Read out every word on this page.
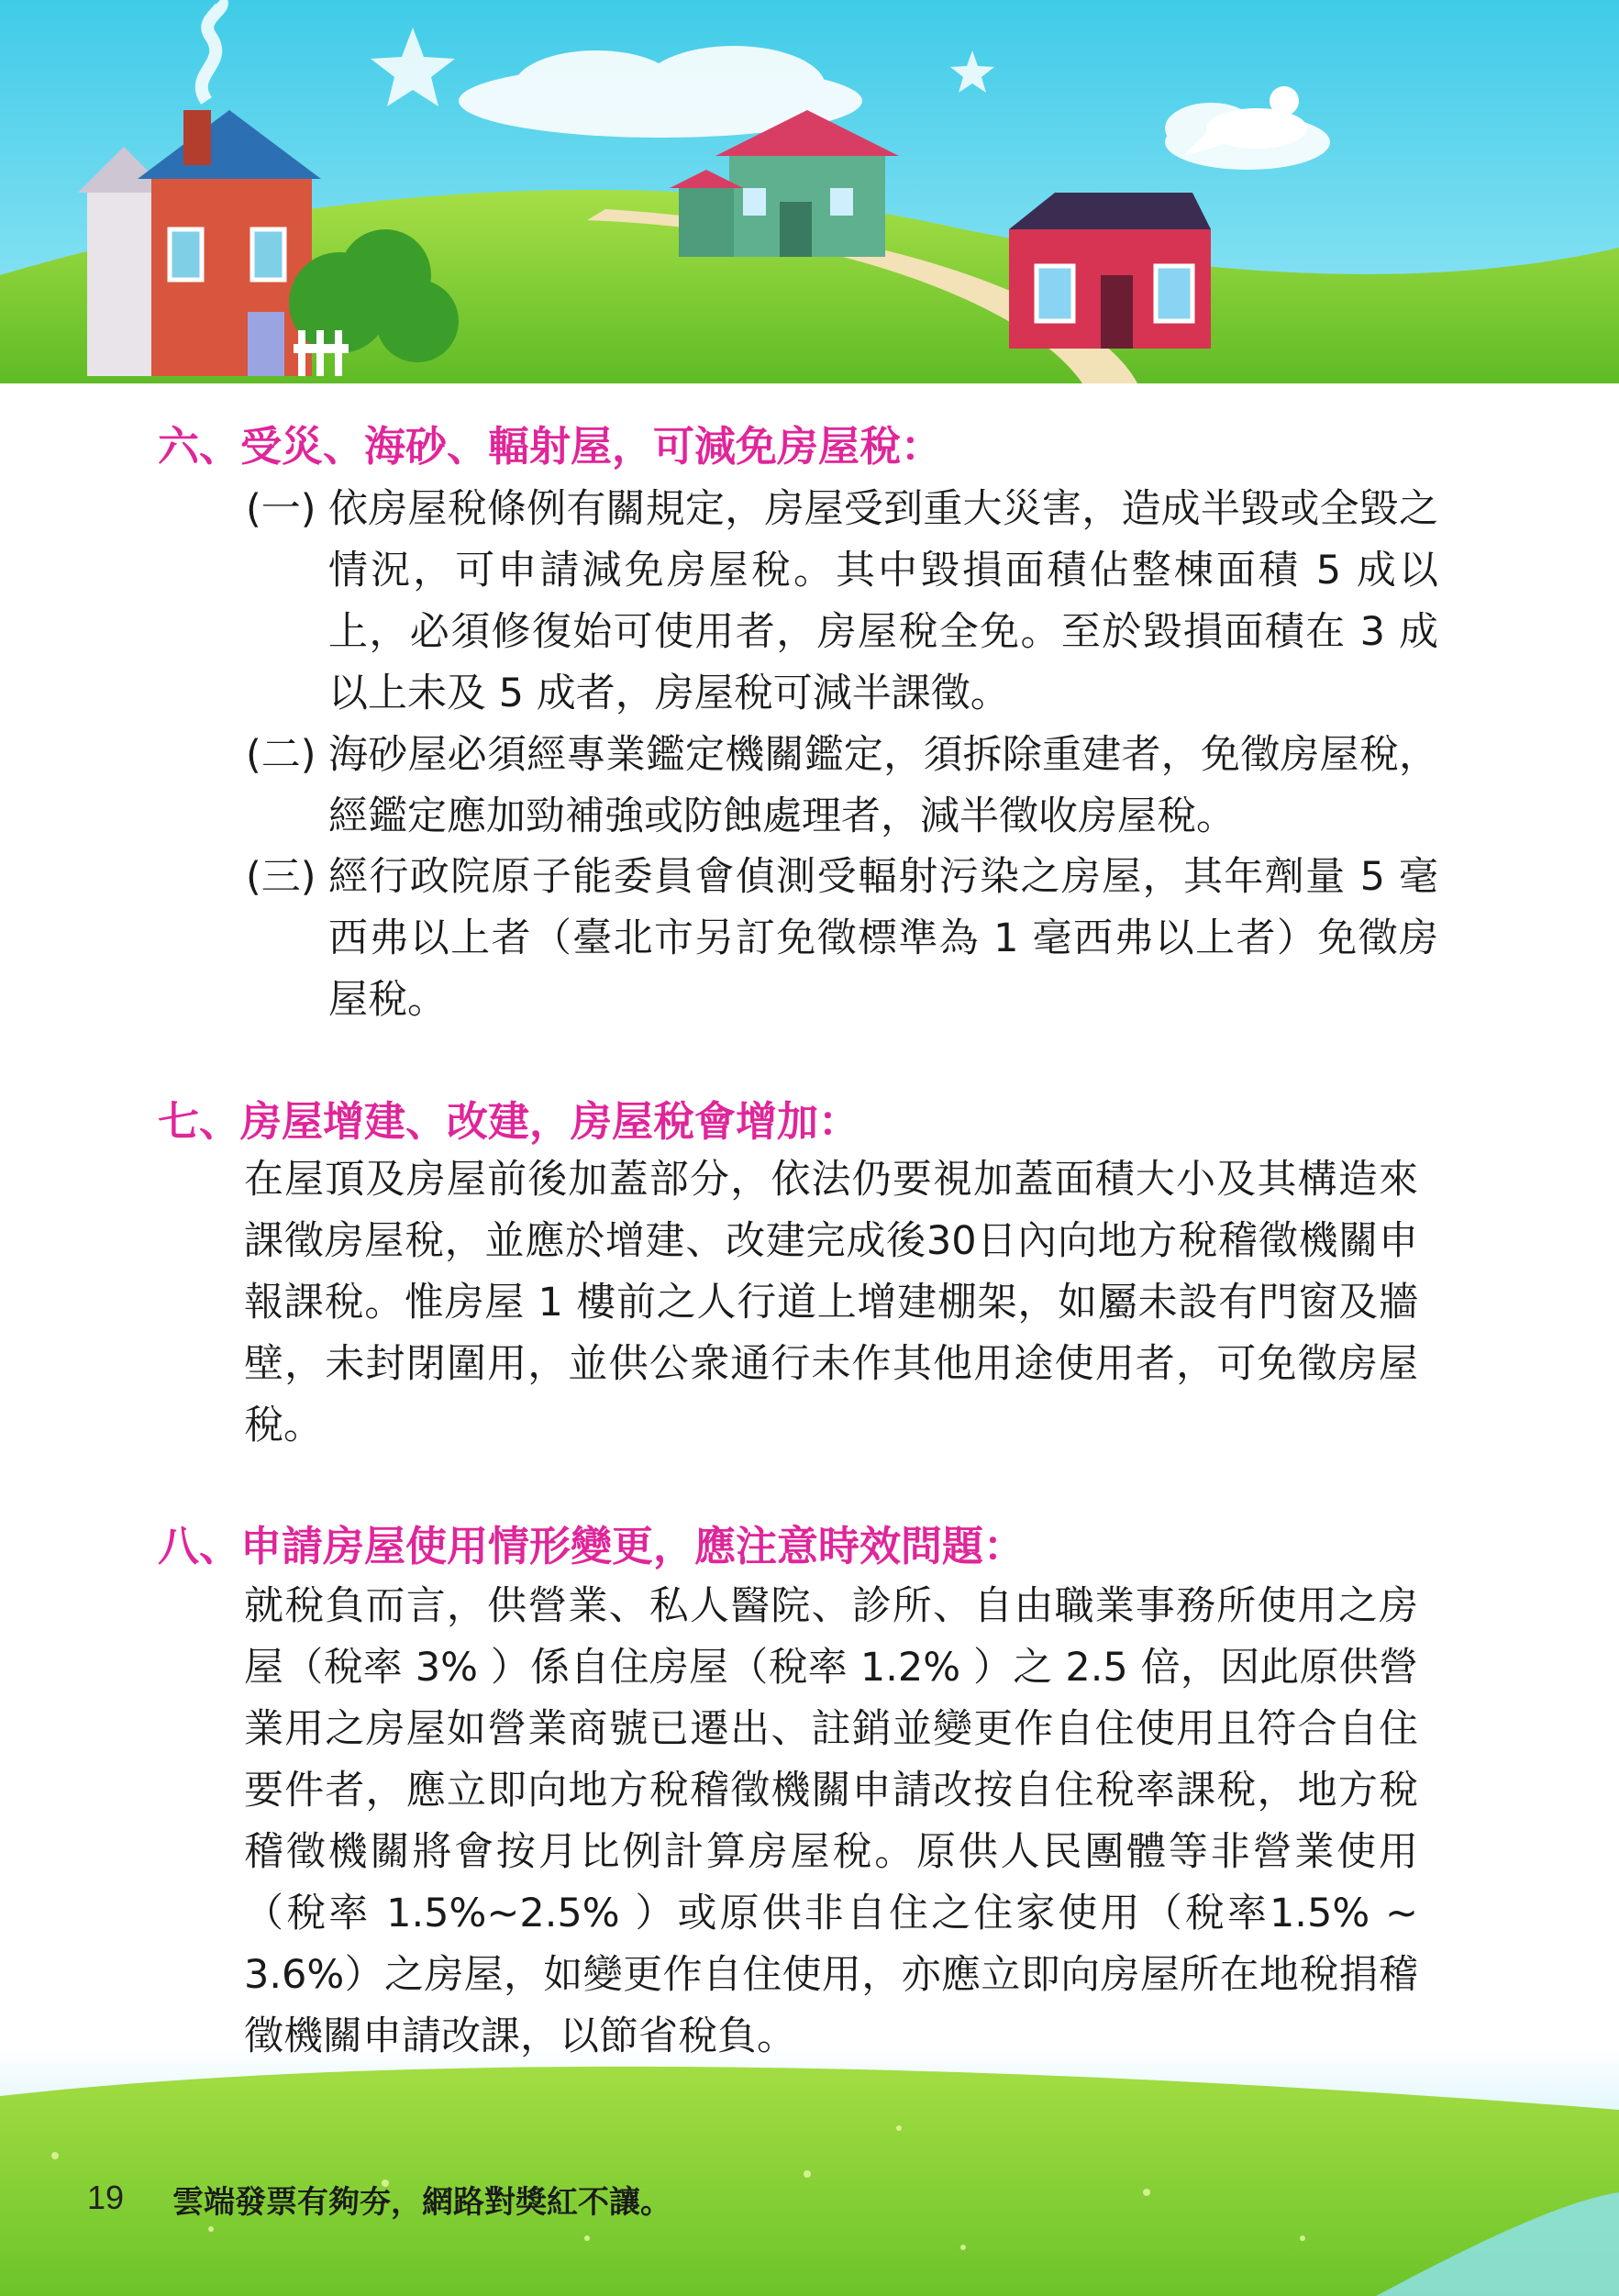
六、受災、海砂、輻射屋，可減免房屋稅：
(一) 依房屋稅條例有關規定，房屋受到重大災害，造成半毀或全毀之情況，可申請減免房屋稅。其中毀損面積佔整棟面積 5 成以上，必須修復始可使用者，房屋稅全免。至於毀損面積在 3 成以上未及 5 成者，房屋稅可減半課徵。

(二) 海砂屋必須經專業鑑定機關鑑定，須拆除重建者，免徵房屋稅，經鑑定應加勁補強或防蝕處理者，減半徵收房屋稅。

(三) 經行政院原子能委員會偵測受輻射污染之房屋，其年劑量 5 毫西弗以上者（臺北市另訂免徵標準為 1 毫西弗以上者）免徵房屋稅。

七、房屋增建、改建，房屋稅會增加：

在屋頂及房屋前後加蓋部分，依法仍要視加蓋面積大小及其構造來課徵房屋稅，並應於增建、改建完成後30日內向地方稅稽徵機關申報課稅。惟房屋 1 樓前之人行道上增建棚架，如屬未設有門窗及牆壁，未封閉圍用，並供公衆通行未作其他用途使用者，可免徵房屋稅。

八、申請房屋使用情形變更，應注意時效問題：

就稅負而言，供營業、私人醫院、診所、自由職業事務所使用之房屋（稅率 3% ）係自住房屋（稅率 1.2% ）之 2.5 倍，因此原供營業用之房屋如營業商號已遷出、註銷並變更作自住使用且符合自住要件者，應立即向地方稅稽徵機關申請改按自住稅率課稅，地方稅稽徵機關將會按月比例計算房屋稅。原供人民團體等非營業使用（稅率 1.5%~2.5% ）或原供非自住之住家使用（稅率1.5% ~ 3.6%）之房屋，如變更作自住使用，亦應立即向房屋所在地稅捐稽徵機關申請改課，以節省稅負。

19 雲端發票有夠夯，網路對獎紅不讓。
